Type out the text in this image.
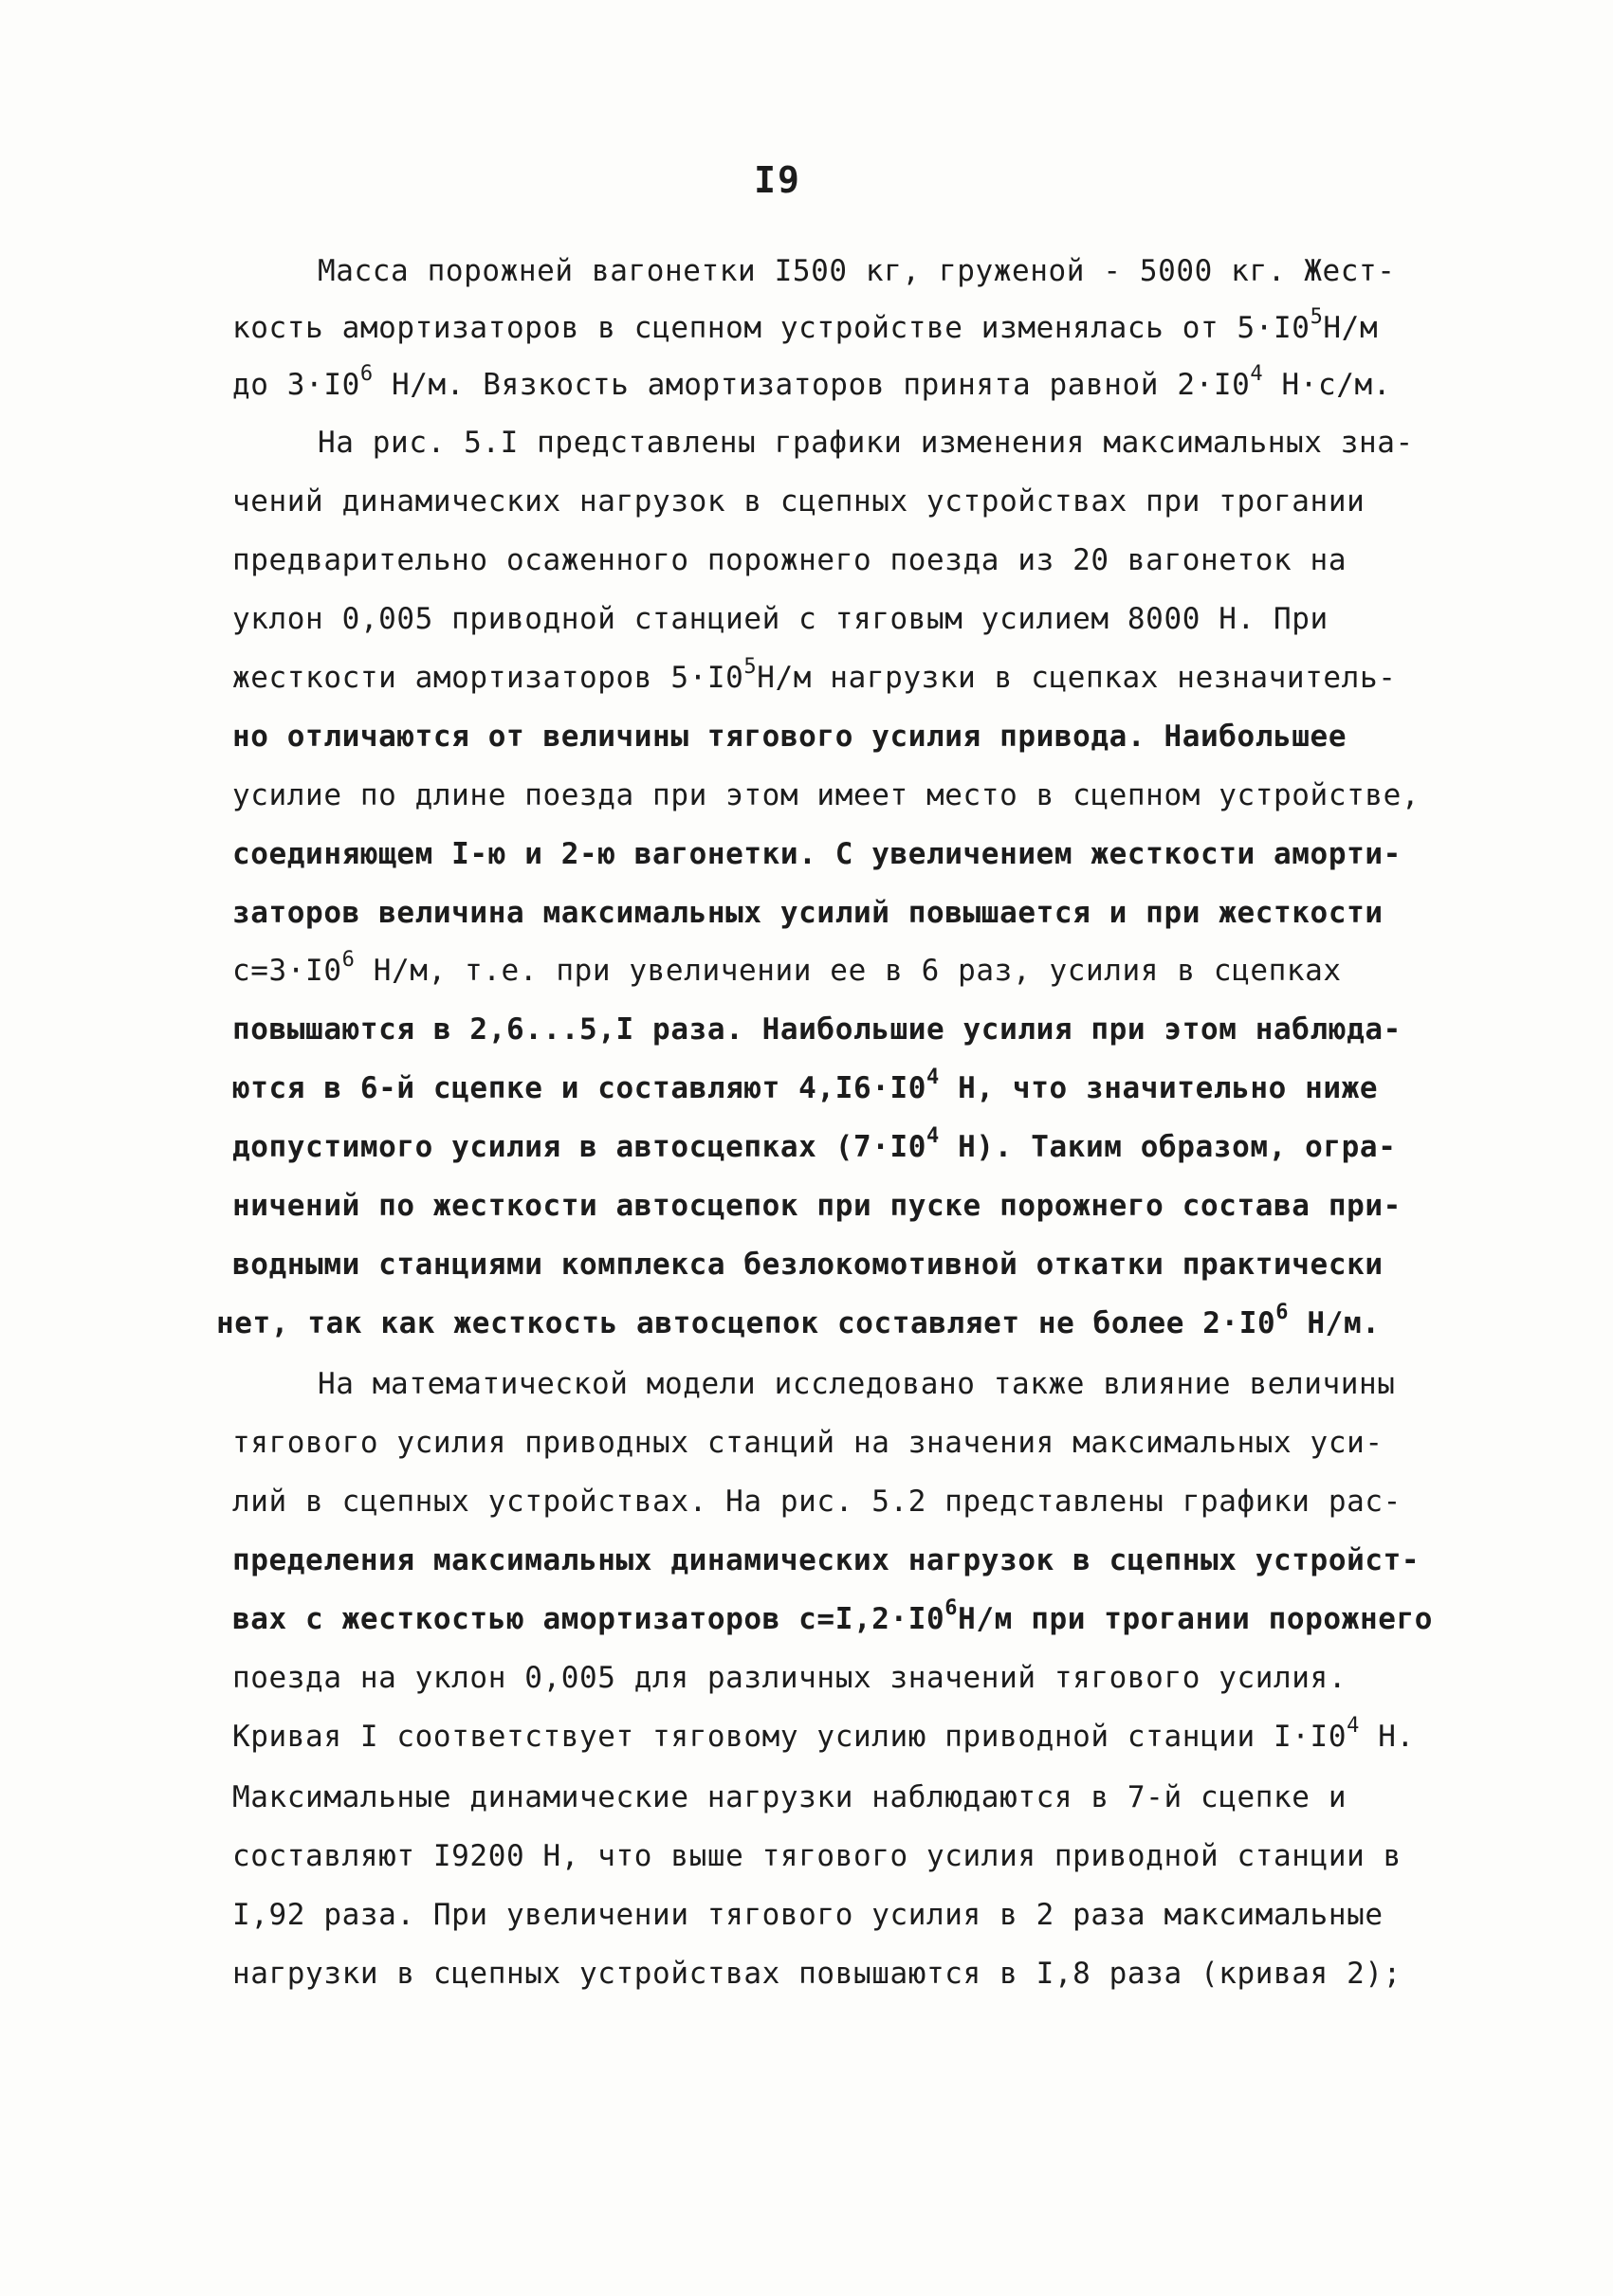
I9
Масса порожней вагонетки I500 кг, груженой - 5000 кг. Жест-
кость амортизаторов в сцепном устройстве изменялась от $5\cdot I0^5Н/м$
до $3\cdot I0^6$ Н/м. Вязкость амортизаторов принята равной $2\cdot I0^4$ Н·с/м.
На рис. 5.I представлены графики изменения максимальных зна-
чений динамических нагрузок в сцепных устройствах при трогании
предварительно осаженного порожнего поезда из 20 вагонеток на
уклон 0,005 приводной станцией с тяговым усилием 8000 Н. При
жесткости амортизаторов $5\cdot I0^5Н/м$ нагрузки в сцепках незначитель-
но отличаются от величины тягового усилия привода. Наибольшее
усилие по длине поезда при этом имеет место в сцепном устройстве,
соединяющем I-ю и 2-ю вагонетки. С увеличением жесткости аморти-
заторов величина максимальных усилий повышается и при жесткости
$c=3\cdot I0^6$ Н/м, т.е. при увеличении ее в 6 раз, усилия в сцепках
повышаются в 2,6...5,I раза. Наибольшие усилия при этом наблюда-
ются в 6-й сцепке и составляют $4,I6\cdot I0^4$ Н, что значительно ниже
допустимого усилия в автосцепках ($7\cdot I0^4$ Н). Таким образом, огра-
ничений по жесткости автосцепок при пуске порожнего состава при-
водными станциями комплекса безлокомотивной откатки практически
нет, так как жесткость автосцепок составляет не более $2\cdot I0^6$ Н/м.
На математической модели исследовано также влияние величины
тягового усилия приводных станций на значения максимальных уси-
лий в сцепных устройствах. На рис. 5.2 представлены графики рас-
пределения максимальных динамических нагрузок в сцепных устройст-
вах с жесткостью амортизаторов $c=I,2\cdot I0^6Н/м$ при трогании порожнего
поезда на уклон 0,005 для различных значений тягового усилия.
Кривая I соответствует тяговому усилию приводной станции $I\cdot I0^4$ Н.
Максимальные динамические нагрузки наблюдаются в 7-й сцепке и
составляют I9200 Н, что выше тягового усилия приводной станции в
I,92 раза. При увеличении тягового усилия в 2 раза максимальные
нагрузки в сцепных устройствах повышаются в I,8 раза (кривая 2);
